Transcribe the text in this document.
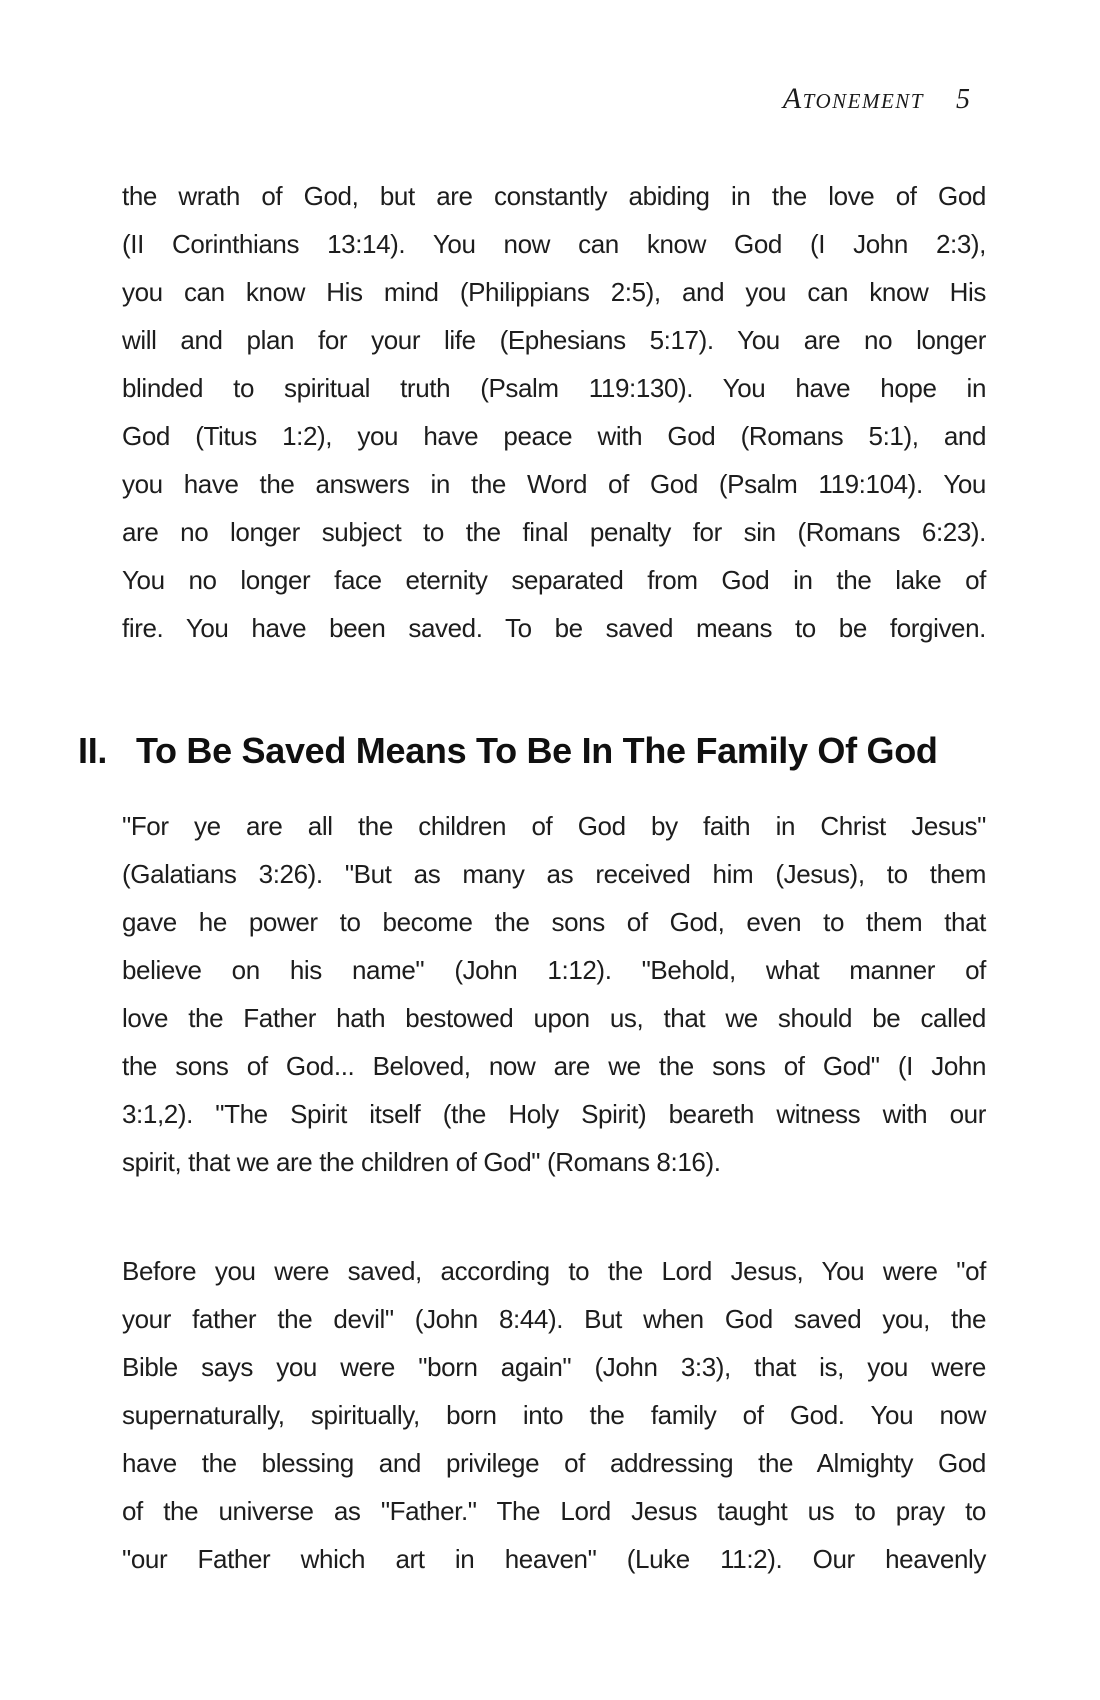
Atonement 5
the wrath of God, but are constantly abiding in the love of God
(II Corinthians 13:14). You now can know God (I John 2:3),
you can know His mind (Philippians 2:5), and you can know His
will and plan for your life (Ephesians 5:17). You are no longer
blinded to spiritual truth (Psalm 119:130). You have hope in
God (Titus 1:2), you have peace with God (Romans 5:1), and
you have the answers in the Word of God (Psalm 119:104). You
are no longer subject to the final penalty for sin (Romans 6:23).
You no longer face eternity separated from God in the lake of
fire. You have been saved. To be saved means to be forgiven.
II. To Be Saved Means To Be In The Family Of God
"For ye are all the children of God by faith in Christ Jesus"
(Galatians 3:26). "But as many as received him (Jesus), to them
gave he power to become the sons of God, even to them that
believe on his name" (John 1:12). "Behold, what manner of
love the Father hath bestowed upon us, that we should be called
the sons of God... Beloved, now are we the sons of God" (I John
3:1,2). "The Spirit itself (the Holy Spirit) beareth witness with our
spirit, that we are the children of God" (Romans 8:16).
Before you were saved, according to the Lord Jesus, You were "of
your father the devil" (John 8:44). But when God saved you, the
Bible says you were "born again" (John 3:3), that is, you were
supernaturally, spiritually, born into the family of God. You now
have the blessing and privilege of addressing the Almighty God
of the universe as "Father." The Lord Jesus taught us to pray to
"our Father which art in heaven" (Luke 11:2). Our heavenly
